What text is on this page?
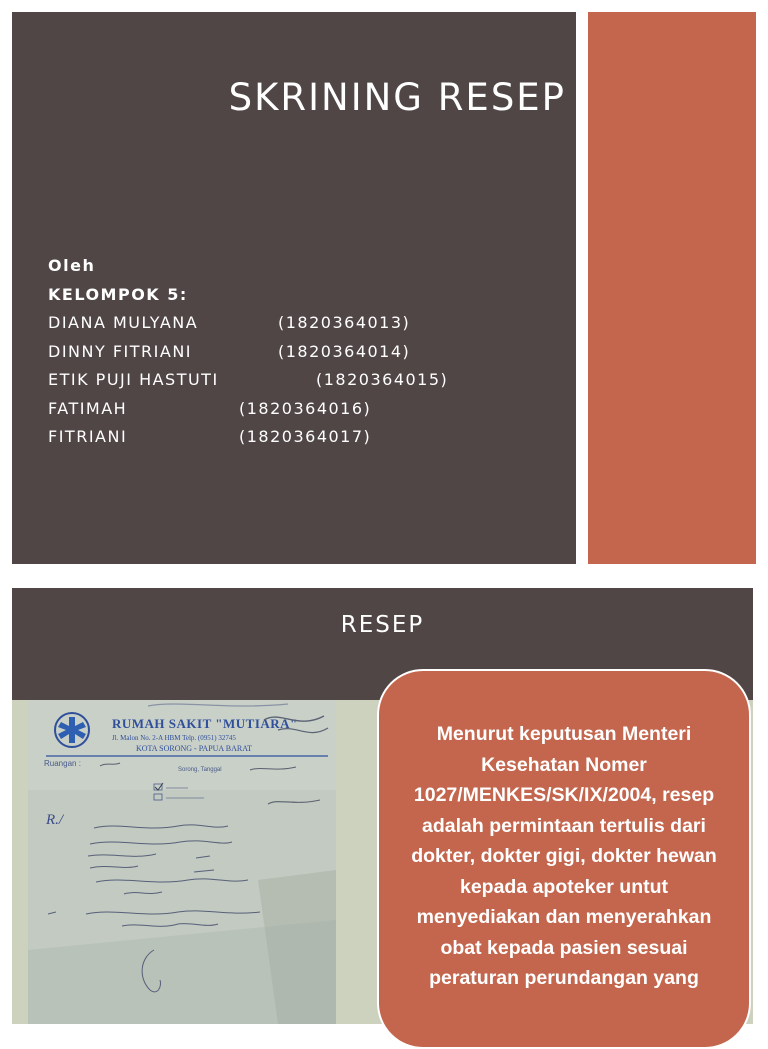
SKRINING RESEP
Oleh
KELOMPOK 5:
DIANA MULYANA	(1820364013)
DINNY FITRIANI	(1820364014)
ETIK PUJI HASTUTI	(1820364015)
FATIMAH	(1820364016)
FITRIANI	(1820364017)
RESEP
RUMAH SAKIT "MUTIARA"
Jl. Malon No. 2-A HBM Telp. (0951) 32745
KOTA SORONG - PAPUA BARAT
Ruangan :
Sorong, Tanggal
R./
Menurut keputusan Menteri Kesehatan Nomer 1027/MENKES/SK/IX/2004, resep adalah permintaan tertulis dari dokter, dokter gigi, dokter hewan kepada apoteker untut menyediakan dan menyerahkan obat kepada pasien sesuai peraturan perundangan yang
